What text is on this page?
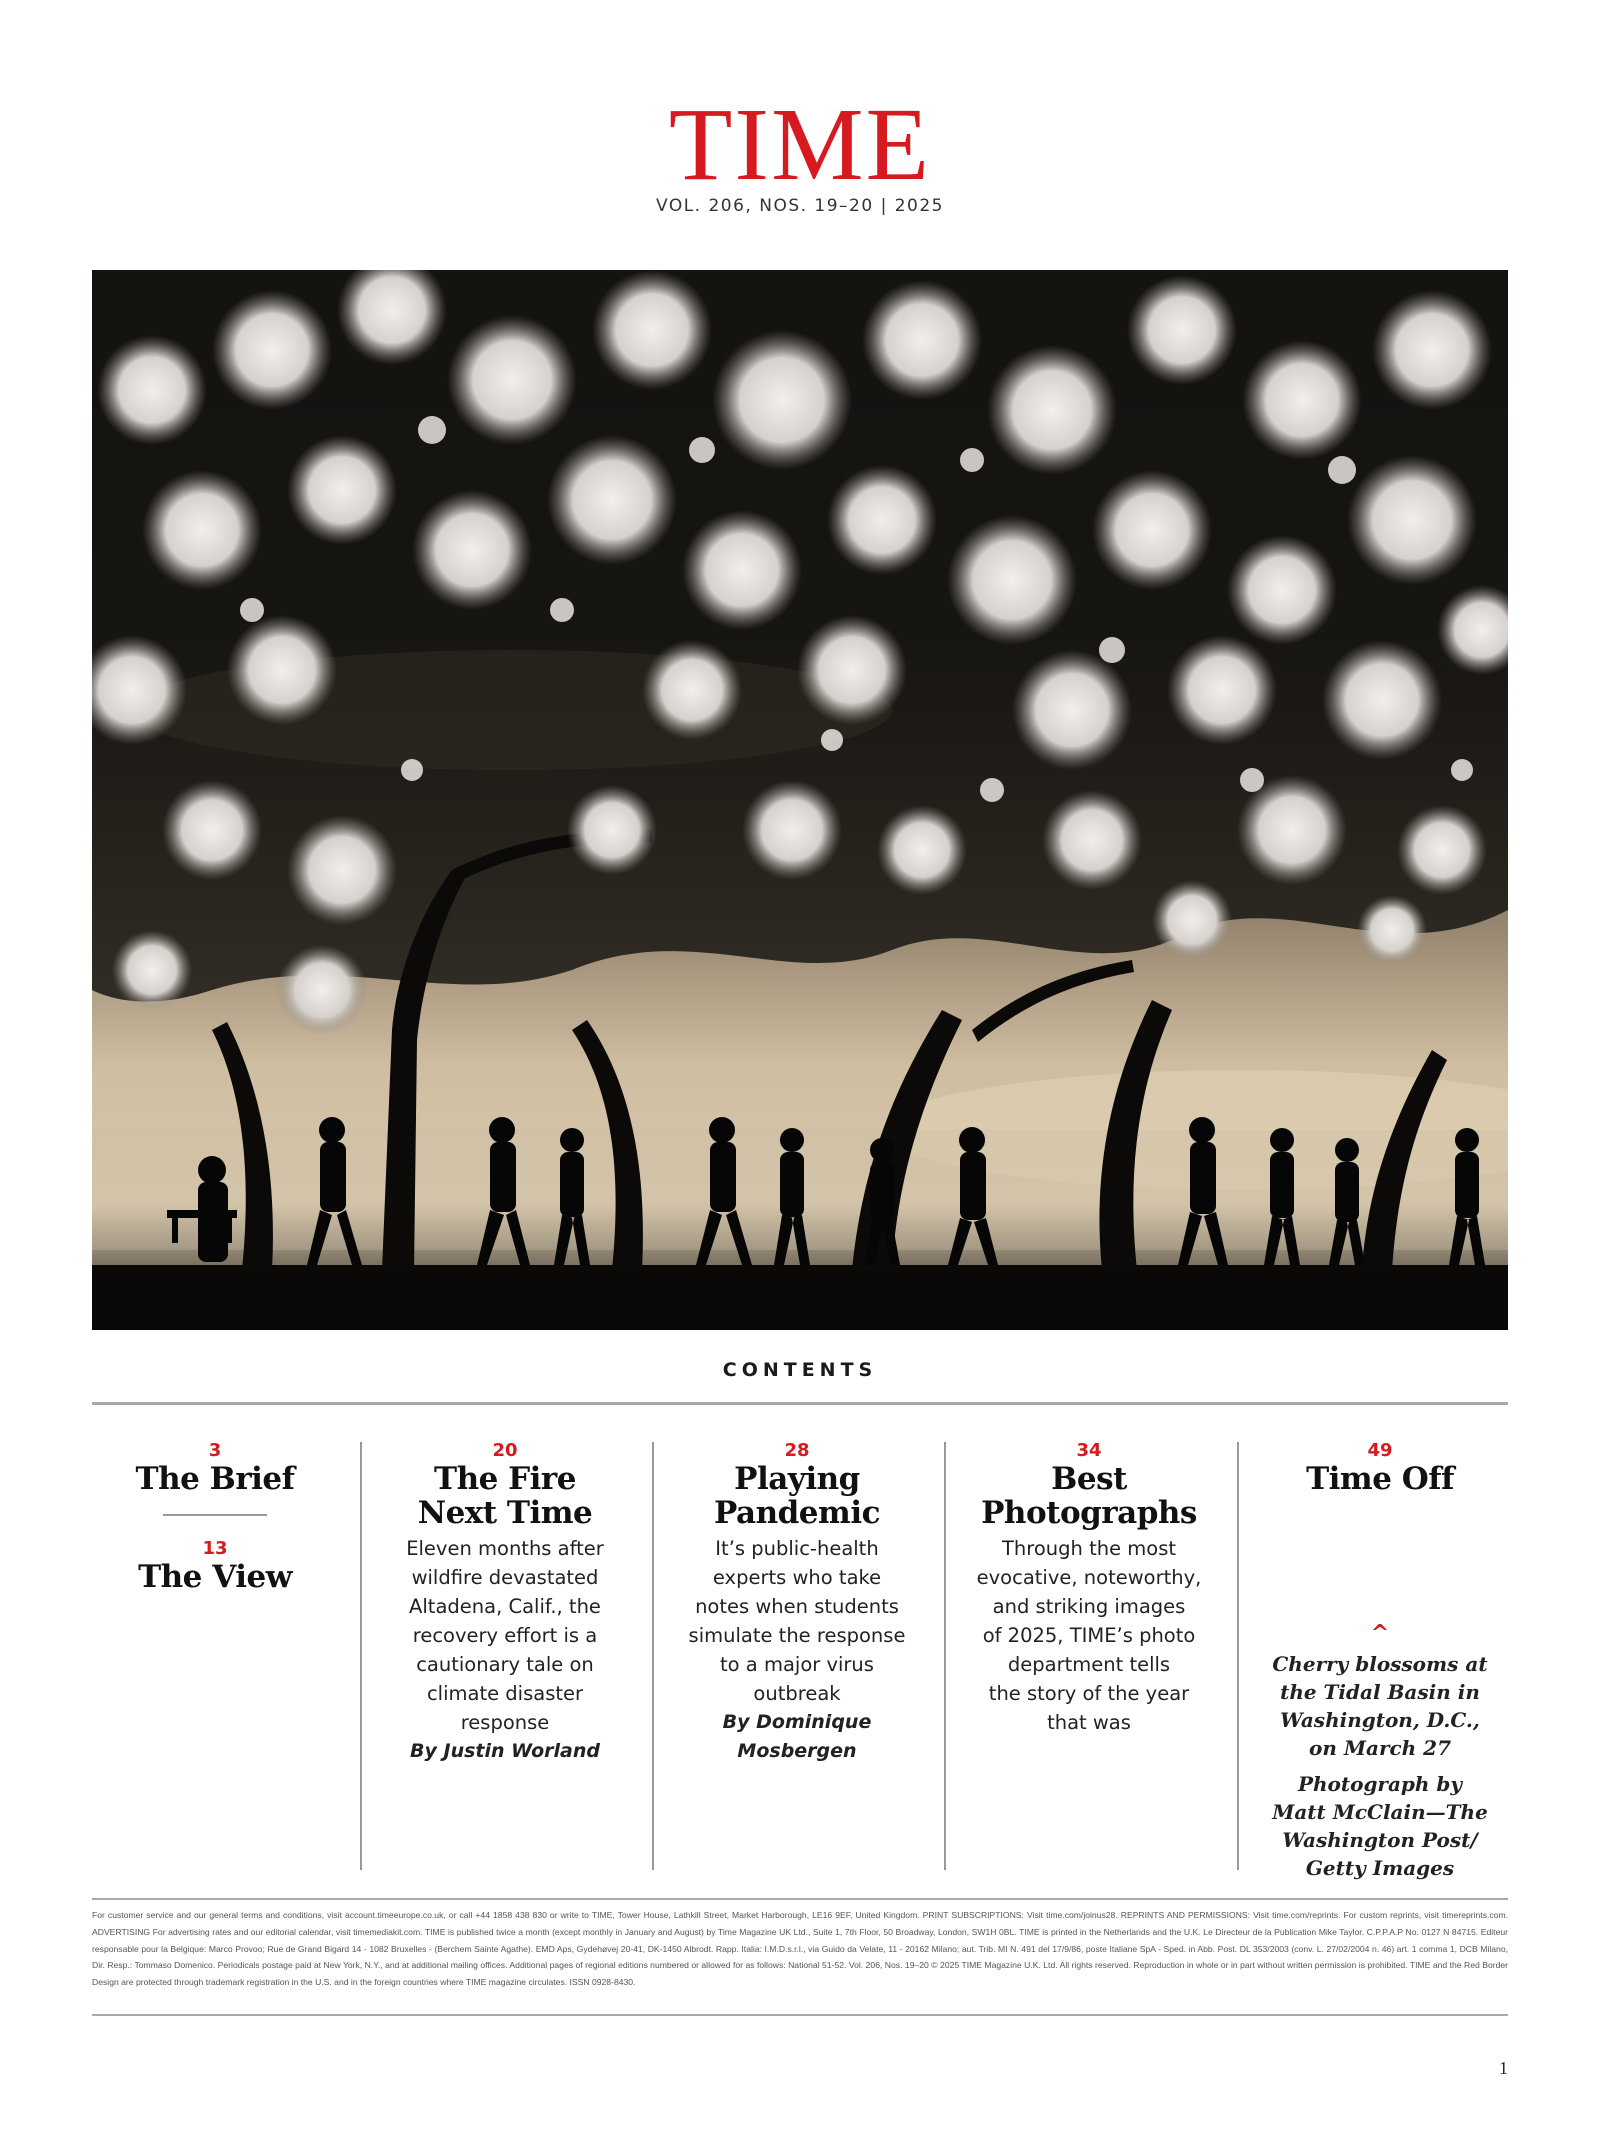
TIME
VOL. 206, NOS. 19–20 | 2025
CONTENTS
3
The Brief
13
The View
20
The Fire
Next Time
Eleven months after
wildfire devastated
Altadena, Calif., the
recovery effort is a
cautionary tale on
climate disaster
response
By Justin Worland
28
Playing
Pandemic
It’s public-health
experts who take
notes when students
simulate the response
to a major virus
outbreak
By Dominique
Mosbergen
34
Best
Photographs
Through the most
evocative, noteworthy,
and striking images
of 2025, TIME’s photo
department tells
the story of the year
that was
49
Time Off
^
Cherry blossoms at
the Tidal Basin in
Washington, D.C.,
on March 27
Photograph by
Matt McClain—The
Washington Post/
Getty Images
For customer service and our general terms and conditions, visit account.timeeurope.co.uk, or call +44 1858 438 830 or write to TIME, Tower House, Lathkill Street, Market Harborough, LE16 9EF, United Kingdom. PRINT SUBSCRIPTIONS: Visit time.com/joinus28. REPRINTS AND PERMISSIONS: Visit time.com/reprints. For custom reprints, visit timereprints.com. ADVERTISING For advertising rates and our editorial calendar, visit timemediakit.com. TIME is published twice a month (except monthly in January and August) by Time Magazine UK Ltd., Suite 1, 7th Floor, 50 Broadway, London, SW1H 0BL. TIME is printed in the Netherlands and the U.K. Le Directeur de la Publication Mike Taylor. C.P.P.A.P No. 0127 N 84715. Editeur responsable pour la Belgique: Marco Provoo; Rue de Grand Bigard 14 - 1082 Bruxelles - (Berchem Sainte Agathe). EMD Aps, Gydehøvej 20-41, DK-1450 Albrodt. Rapp. Italia: I.M.D.s.r.l., via Guido da Velate, 11 - 20162 Milano; aut. Trib. MI N. 491 del 17/9/86, poste Italiane SpA - Sped. in Abb. Post. DL 353/2003 (conv. L. 27/02/2004 n. 46) art. 1 comma 1, DCB Milano, Dir. Resp.: Tommaso Domenico. Periodicals postage paid at New York, N.Y., and at additional mailing offices. Additional pages of regional editions numbered or allowed for as follows: National 51-52. Vol. 206, Nos. 19–20 © 2025 TIME Magazine U.K. Ltd. All rights reserved. Reproduction in whole or in part without written permission is prohibited. TIME and the Red Border Design are protected through trademark registration in the U.S. and in the foreign countries where TIME magazine circulates. ISSN 0928-8430.
1
